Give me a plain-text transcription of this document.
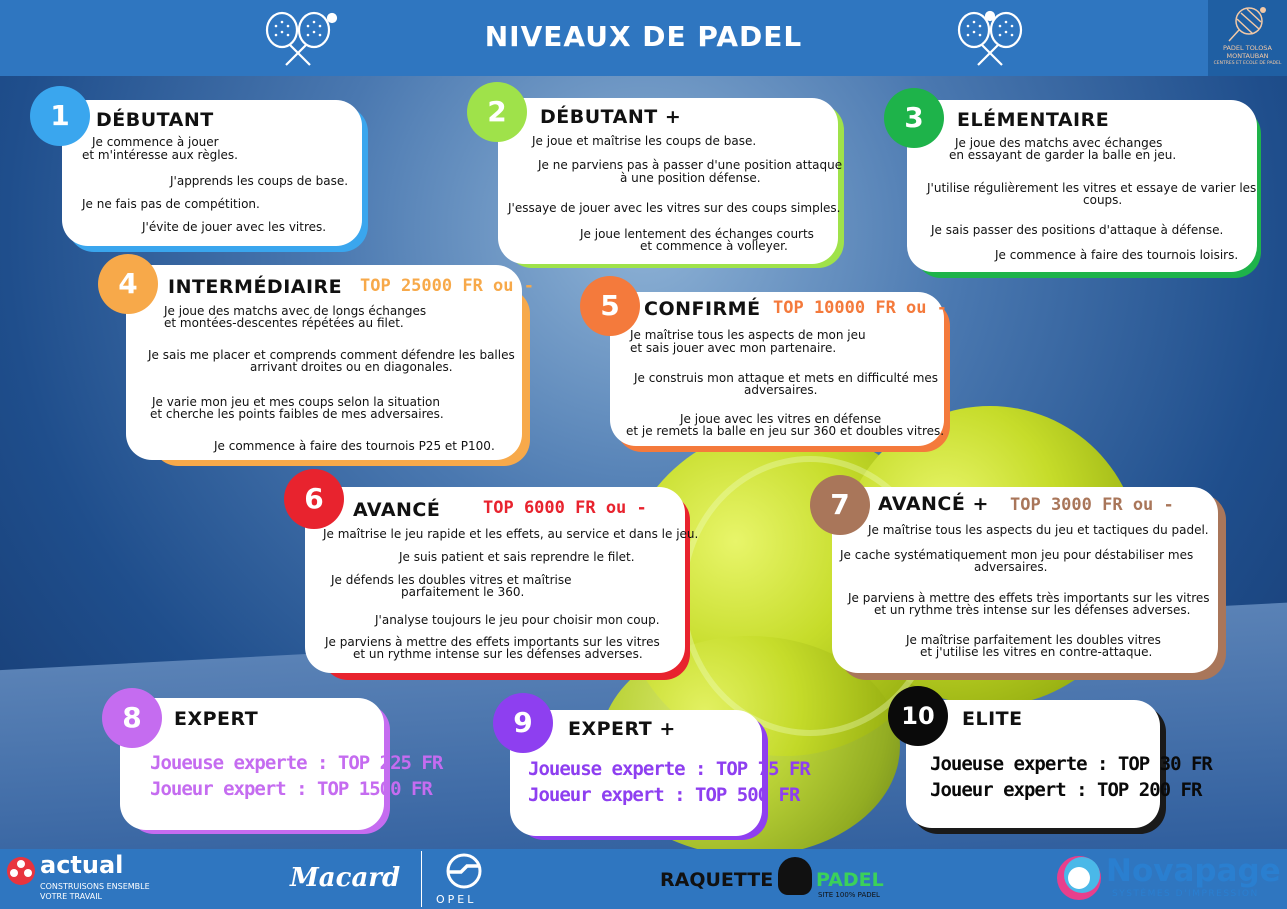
NIVEAUX DE PADEL	PADEL TOLOSA
MONTAUBAN
CENTRES ET ECOLE DE PADEL
DÉBUTANT
Je commence à jouer
et m'intéresse aux règles.
J'apprends les coups de base.
Je ne fais pas de compétition.
J'évite de jouer avec les vitres.
1	DÉBUTANT +
Je joue et maîtrise les coups de base.
Je ne parviens pas à passer d'une position attaque
à une position défense.
J'essaye de jouer avec les vitres sur des coups simples.
Je joue lentement des échanges courts
et commence à volleyer.
2	ELÉMENTAIRE
Je joue des matchs avec échanges
en essayant de garder la balle en jeu.
J'utilise régulièrement les vitres et essaye de varier les
coups.
Je sais passer des positions d'attaque à défense.
Je commence à faire des tournois loisirs.
3
INTERMÉDIAIRE TOP 25000 FR ou -
Je joue des matchs avec de longs échanges
et montées-descentes répétées au filet.
Je sais me placer et comprends comment défendre les balles
arrivant droites ou en diagonales.
Je varie mon jeu et mes coups selon la situation
et cherche les points faibles de mes adversaires.
Je commence à faire des tournois P25 et P100.
4
CONFIRMÉ TOP 10000 FR ou -
Je maîtrise tous les aspects de mon jeu
et sais jouer avec mon partenaire.
Je construis mon attaque et mets en difficulté mes
adversaires.
Je joue avec les vitres en défense
et je remets la balle en jeu sur 360 et doubles vitres.
5
AVANCÉ	TOP 6000 FR ou -
Je maîtrise le jeu rapide et les effets, au service et dans le jeu.
Je suis patient et sais reprendre le filet.
Je défends les doubles vitres et maîtrise
parfaitement le 360.
J'analyse toujours le jeu pour choisir mon coup.
Je parviens à mettre des effets importants sur les vitres
et un rythme intense sur les défenses adverses.
6	AVANCÉ + TOP 3000 FR ou -
Je maîtrise tous les aspects du jeu et tactiques du padel.
Je cache systématiquement mon jeu pour déstabiliser mes
adversaires.
Je parviens à mettre des effets très importants sur les vitres
et un rythme très intense sur les défenses adverses.
Je maîtrise parfaitement les doubles vitres
et j'utilise les vitres en contre-attaque.
7
EXPERT
Joueuse experte : TOP 225 FR
Joueur expert : TOP 1500 FR
8	EXPERT +
Joueuse experte : TOP 75 FR
Joueur expert : TOP 500 FR
9	ELITE
Joueuse experte : TOP 30 FR
Joueur expert : TOP 200 FR
10
actual
CONSTRUISONS ENSEMBLE
VOTRE TRAVAIL
Macard
OPEL
RAQUETTE PADEL
SITE 100% PADEL
Novapage
SYSTÈMES D'IMPRESSION
